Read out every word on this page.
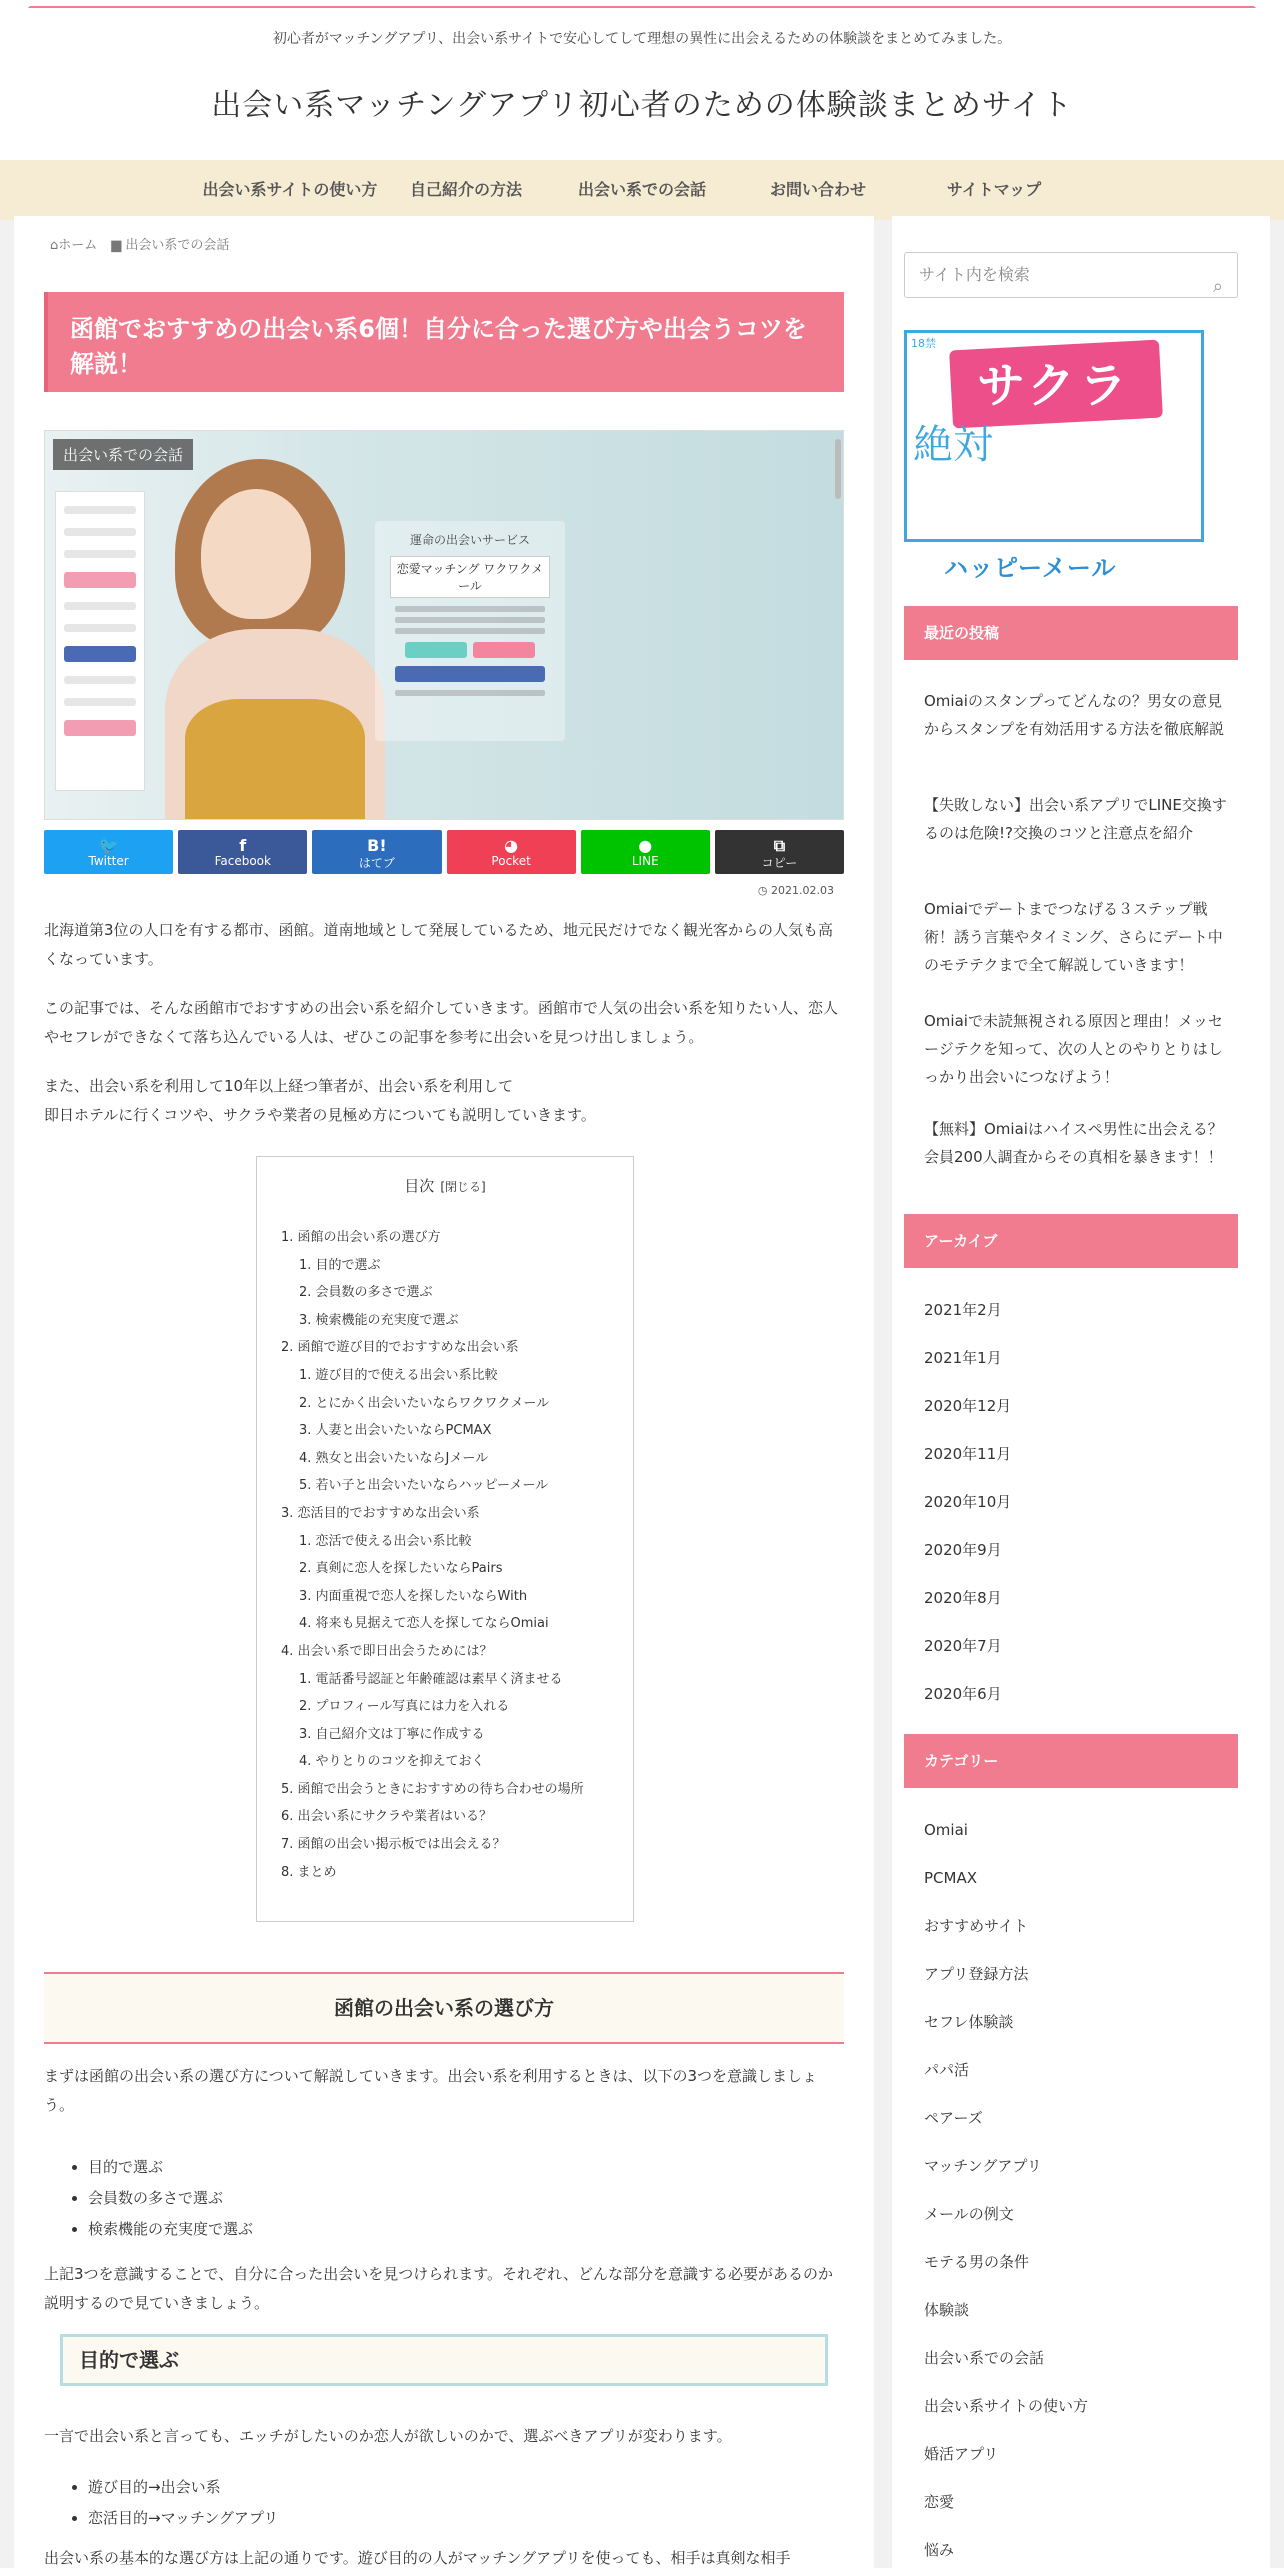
初心者がマッチングアプリ、出会い系サイトで安心してして理想の異性に出会えるための体験談をまとめてみました。
出会い系マッチングアプリ初心者のための体験談まとめサイト
出会い系サイトの使い方	自己紹介の方法	出会い系での会話	お問い合わせ	サイトマップ
⌂ホーム ▆ 出会い系での会話
函館でおすすめの出会い系6個！自分に合った選び方や出会うコツを解説！
運命の出会いサービス
恋愛マッチング ワクワクメール
出会い系での会話
🐦
Twitter
f
Facebook
B!
はてブ
◕
Pocket
●
LINE
⧉
コピー
◷ 2021.02.03

北海道第3位の人口を有する都市、函館。道南地域として発展しているため、地元民だけでなく観光客からの人気も高くなっています。

この記事では、そんな函館市でおすすめの出会い系を紹介していきます。函館市で人気の出会い系を知りたい人、恋人やセフレができなくて落ち込んでいる人は、ぜひこの記事を参考に出会いを見つけ出しましょう。

また、出会い系を利用して10年以上経つ筆者が、出会い系を利用して
即日ホテルに行くコツや、サクラや業者の見極め方についても説明していきます。

目次 [閉じる]
1. 函館の出会い系の選び方
1. 目的で選ぶ
2. 会員数の多さで選ぶ
3. 検索機能の充実度で選ぶ
2. 函館で遊び目的でおすすめな出会い系
1. 遊び目的で使える出会い系比較
2. とにかく出会いたいならワクワクメール
3. 人妻と出会いたいならPCMAX
4. 熟女と出会いたいならJメール
5. 若い子と出会いたいならハッピーメール
3. 恋活目的でおすすめな出会い系
1. 恋活で使える出会い系比較
2. 真剣に恋人を探したいならPairs
3. 内面重視で恋人を探したいならWith
4. 将来も見据えて恋人を探してならOmiai
4. 出会い系で即日出会うためには？
1. 電話番号認証と年齢確認は素早く済ませる
2. プロフィール写真には力を入れる
3. 自己紹介文は丁寧に作成する
4. やりとりのコツを抑えておく
5. 函館で出会うときにおすすめの待ち合わせの場所
6. 出会い系にサクラや業者はいる？
7. 函館の出会い掲示板では出会える？
8. まとめ
函館の出会い系の選び方

まずは函館の出会い系の選び方について解説していきます。出会い系を利用するときは、以下の3つを意識しましょう。

• 目的で選ぶ
• 会員数の多さで選ぶ
• 検索機能の充実度で選ぶ

上記3つを意識することで、自分に合った出会いを見つけられます。それぞれ、どんな部分を意識する必要があるのか説明するので見ていきましょう。

目的で選ぶ

一言で出会い系と言っても、エッチがしたいのか恋人が欲しいのかで、選ぶべきアプリが変わります。

• 遊び目的→出会い系
• 恋活目的→マッチングアプリ

出会い系の基本的な選び方は上記の通りです。遊び目的の人がマッチングアプリを使っても、相手は真剣な相手

サイト内を検索
⌕
18禁
サクラ
絶対
ハッピーメール
最近の投稿
Omiaiのスタンプってどんなの？男女の意見からスタンプを有効活用する方法を徹底解説
【失敗しない】出会い系アプリでLINE交換するのは危険!?交換のコツと注意点を紹介
Omiaiでデートまでつなげる３ステップ戦術！誘う言葉やタイミング、さらにデート中のモテテクまで全て解説していきます！
Omiaiで未読無視される原因と理由！メッセージテクを知って、次の人とのやりとりはしっかり出会いにつなげよう！
【無料】Omiaiはハイスペ男性に出会える？会員200人調査からその真相を暴きます！！
アーカイブ
2021年2月
2021年1月
2020年12月
2020年11月
2020年10月
2020年9月
2020年8月
2020年7月
2020年6月
カテゴリー
Omiai
PCMAX
おすすめサイト
アプリ登録方法
セフレ体験談
パパ活
ペアーズ
マッチングアプリ
メールの例文
モテる男の条件
体験談
出会い系での会話
出会い系サイトの使い方
婚活アプリ
恋愛
悩み
